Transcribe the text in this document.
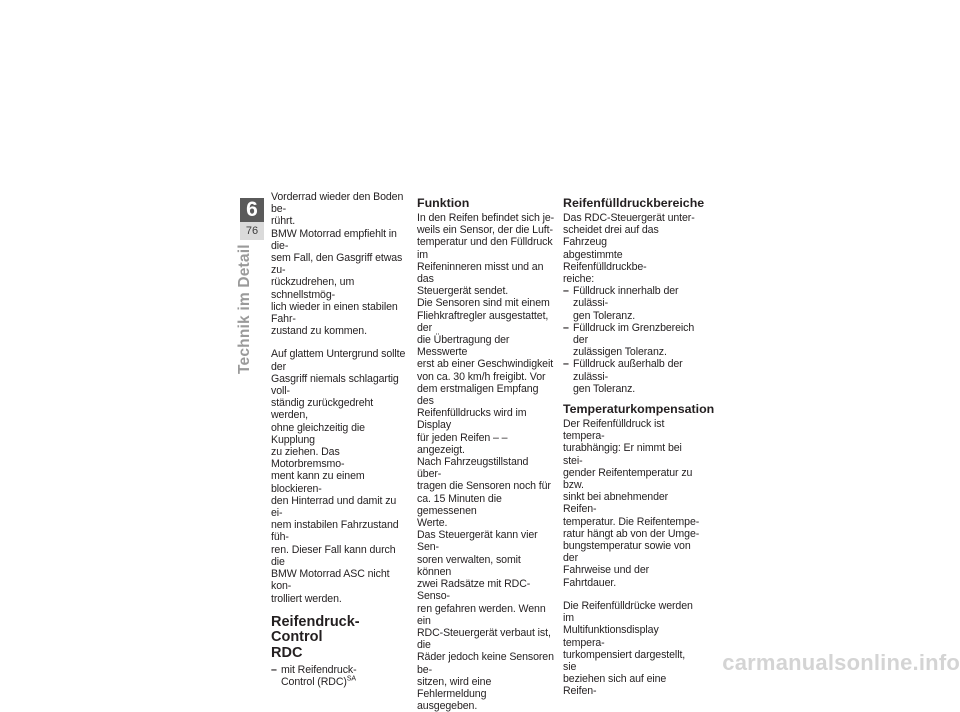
6
76
Technik im Detail

Vorderrad wieder den Boden be-
rührt.
BMW Motorrad empfiehlt in die-
sem Fall, den Gasgriff etwas zu-
rückzudrehen, um schnellstmög-
lich wieder in einen stabilen Fahr-
zustand zu kommen.

Auf glattem Untergrund sollte der
Gasgriff niemals schlagartig voll-
ständig zurückgedreht werden,
ohne gleichzeitig die Kupplung
zu ziehen. Das Motorbremsmo-
ment kann zu einem blockieren-
den Hinterrad und damit zu ei-
nem instabilen Fahrzustand füh-
ren. Dieser Fall kann durch die
BMW Motorrad ASC nicht kon-
trolliert werden.

Reifendruck-Control
RDC
– mit Reifendruck-
Control (RDC)$^{SA}$
Funktion

In den Reifen befindet sich je-
weils ein Sensor, der die Luft-
temperatur und den Fülldruck im
Reifeninneren misst und an das
Steuergerät sendet.
Die Sensoren sind mit einem
Fliehkraftregler ausgestattet, der
die Übertragung der Messwerte
erst ab einer Geschwindigkeit
von ca. 30 km/h freigibt. Vor
dem erstmaligen Empfang des
Reifenfülldrucks wird im Display
für jeden Reifen – – angezeigt.
Nach Fahrzeugstillstand über-
tragen die Sensoren noch für
ca. 15 Minuten die gemessenen
Werte.
Das Steuergerät kann vier Sen-
soren verwalten, somit können
zwei Radsätze mit RDC-Senso-
ren gefahren werden. Wenn ein
RDC-Steuergerät verbaut ist, die
Räder jedoch keine Sensoren be-
sitzen, wird eine Fehlermeldung
ausgegeben.

Reifenfülldruckbereiche

Das RDC-Steuergerät unter-
scheidet drei auf das Fahrzeug
abgestimmte Reifenfülldruckbe-
reiche:

– Fülldruck innerhalb der zulässi-
gen Toleranz.
– Fülldruck im Grenzbereich der
zulässigen Toleranz.
– Fülldruck außerhalb der zulässi-
gen Toleranz.
Temperaturkompensation

Der Reifenfülldruck ist tempera-
turabhängig: Er nimmt bei stei-
gender Reifentemperatur zu bzw.
sinkt bei abnehmender Reifen-
temperatur. Die Reifentempe-
ratur hängt ab von der Umge-
bungstemperatur sowie von der
Fahrweise und der Fahrtdauer.

Die Reifenfülldrücke werden im
Multifunktionsdisplay tempera-
turkompensiert dargestellt, sie
beziehen sich auf eine Reifen-

carmanualsonline.info
